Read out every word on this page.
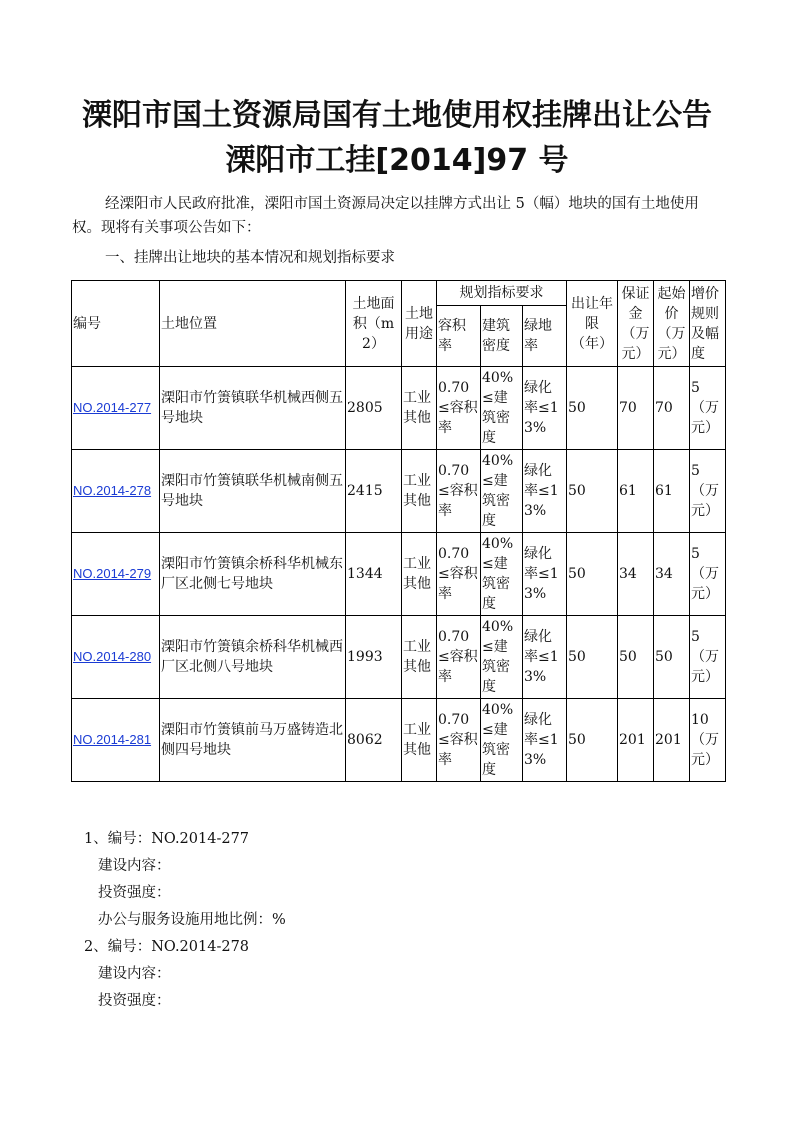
溧阳市国土资源局国有土地使用权挂牌出让公告
溧阳市工挂[2014]97 号
经溧阳市人民政府批准，溧阳市国土资源局决定以挂牌方式出让 5（幅）地块的国有土地使用权。现将有关事项公告如下：
一、挂牌出让地块的基本情况和规划指标要求
编号	土地位置	土地面积（m2）	土地用途	规划指标要求			出让年限（年）	保证金（万元）	起始价（万元）	增价规则及幅度
				容积率	建筑密度	绿地率				
NO.2014-277	溧阳市竹箦镇联华机械西侧五号地块	2805	工业其他	0.70≤容积率	40%≤建筑密度	绿化率≤13%	50	70	70	5（万元）
NO.2014-278	溧阳市竹箦镇联华机械南侧五号地块	2415	工业其他	0.70≤容积率	40%≤建筑密度	绿化率≤13%	50	61	61	5（万元）
NO.2014-279	溧阳市竹箦镇余桥科华机械东厂区北侧七号地块	1344	工业其他	0.70≤容积率	40%≤建筑密度	绿化率≤13%	50	34	34	5（万元）
NO.2014-280	溧阳市竹箦镇余桥科华机械西厂区北侧八号地块	1993	工业其他	0.70≤容积率	40%≤建筑密度	绿化率≤13%	50	50	50	5（万元）
NO.2014-281	溧阳市竹箦镇前马万盛铸造北侧四号地块	8062	工业其他	0.70≤容积率	40%≤建筑密度	绿化率≤13%	50	201	201	10（万元）
1、编号：NO.2014-277
建设内容：
投资强度：
办公与服务设施用地比例：%
2、编号：NO.2014-278
建设内容：
投资强度：
